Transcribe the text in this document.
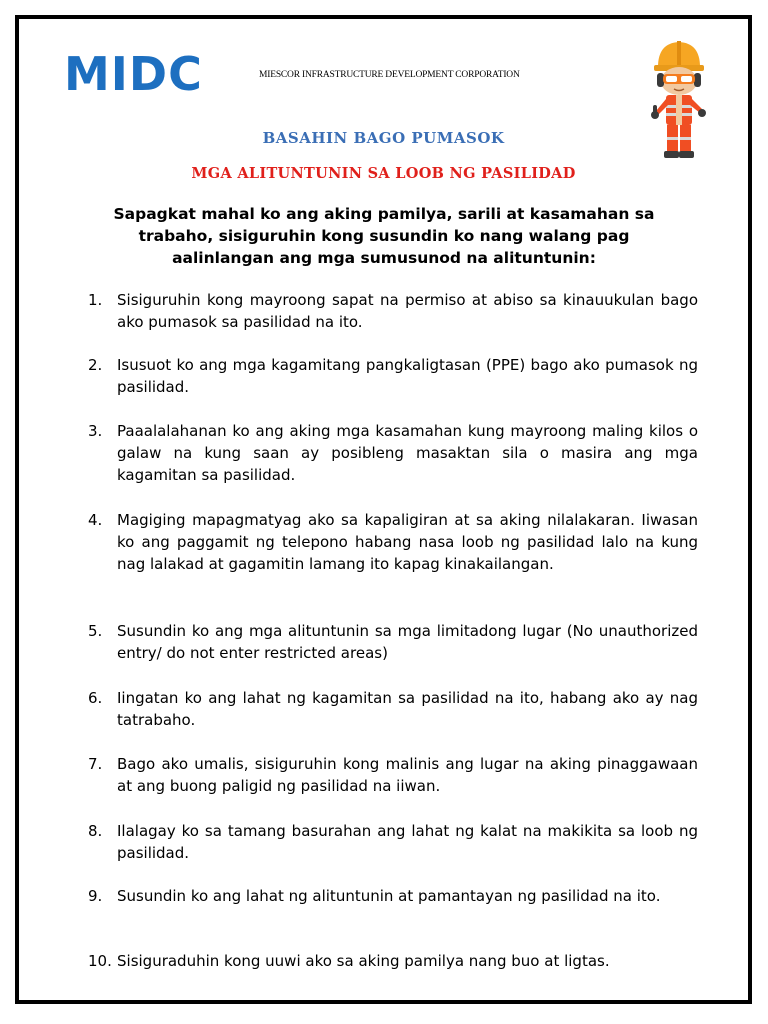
MIDC	MIESCOR INFRASTRUCTURE DEVELOPMENT CORPORATION
BASAHIN BAGO PUMASOK
MGA ALITUNTUNIN SA LOOB NG PASILIDAD
Sapagkat mahal ko ang aking pamilya, sarili at kasamahan sa trabaho, sisiguruhin kong susundin ko nang walang pag aalinlangan ang mga sumusunod na alituntunin:
1. Sisiguruhin kong mayroong sapat na permiso at abiso sa kinauukulan bago ako pumasok sa pasilidad na ito.
2. Isusuot ko ang mga kagamitang pangkaligtasan (PPE) bago ako pumasok ng pasilidad.
3. Paaalalahanan ko ang aking mga kasamahan kung mayroong maling kilos o galaw na kung saan ay posibleng masaktan sila o masira ang mga kagamitan sa pasilidad.
4. Magiging mapagmatyag ako sa kapaligiran at sa aking nilalakaran. Iiwasan ko ang paggamit ng telepono habang nasa loob ng pasilidad lalo na kung nag lalakad at gagamitin lamang ito kapag kinakailangan.
5. Susundin ko ang mga alituntunin sa mga limitadong lugar (No unauthorized entry/ do not enter restricted areas)
6. Iingatan ko ang lahat ng kagamitan sa pasilidad na ito, habang ako ay nag tatrabaho.
7. Bago ako umalis, sisiguruhin kong malinis ang lugar na aking pinaggawaan at ang buong paligid ng pasilidad na iiwan.
8. Ilalagay ko sa tamang basurahan ang lahat ng kalat na makikita sa loob ng pasilidad.
9. Susundin ko ang lahat ng alituntunin at pamantayan ng pasilidad na ito.
10. Sisiguraduhin kong uuwi ako sa aking pamilya nang buo at ligtas.
